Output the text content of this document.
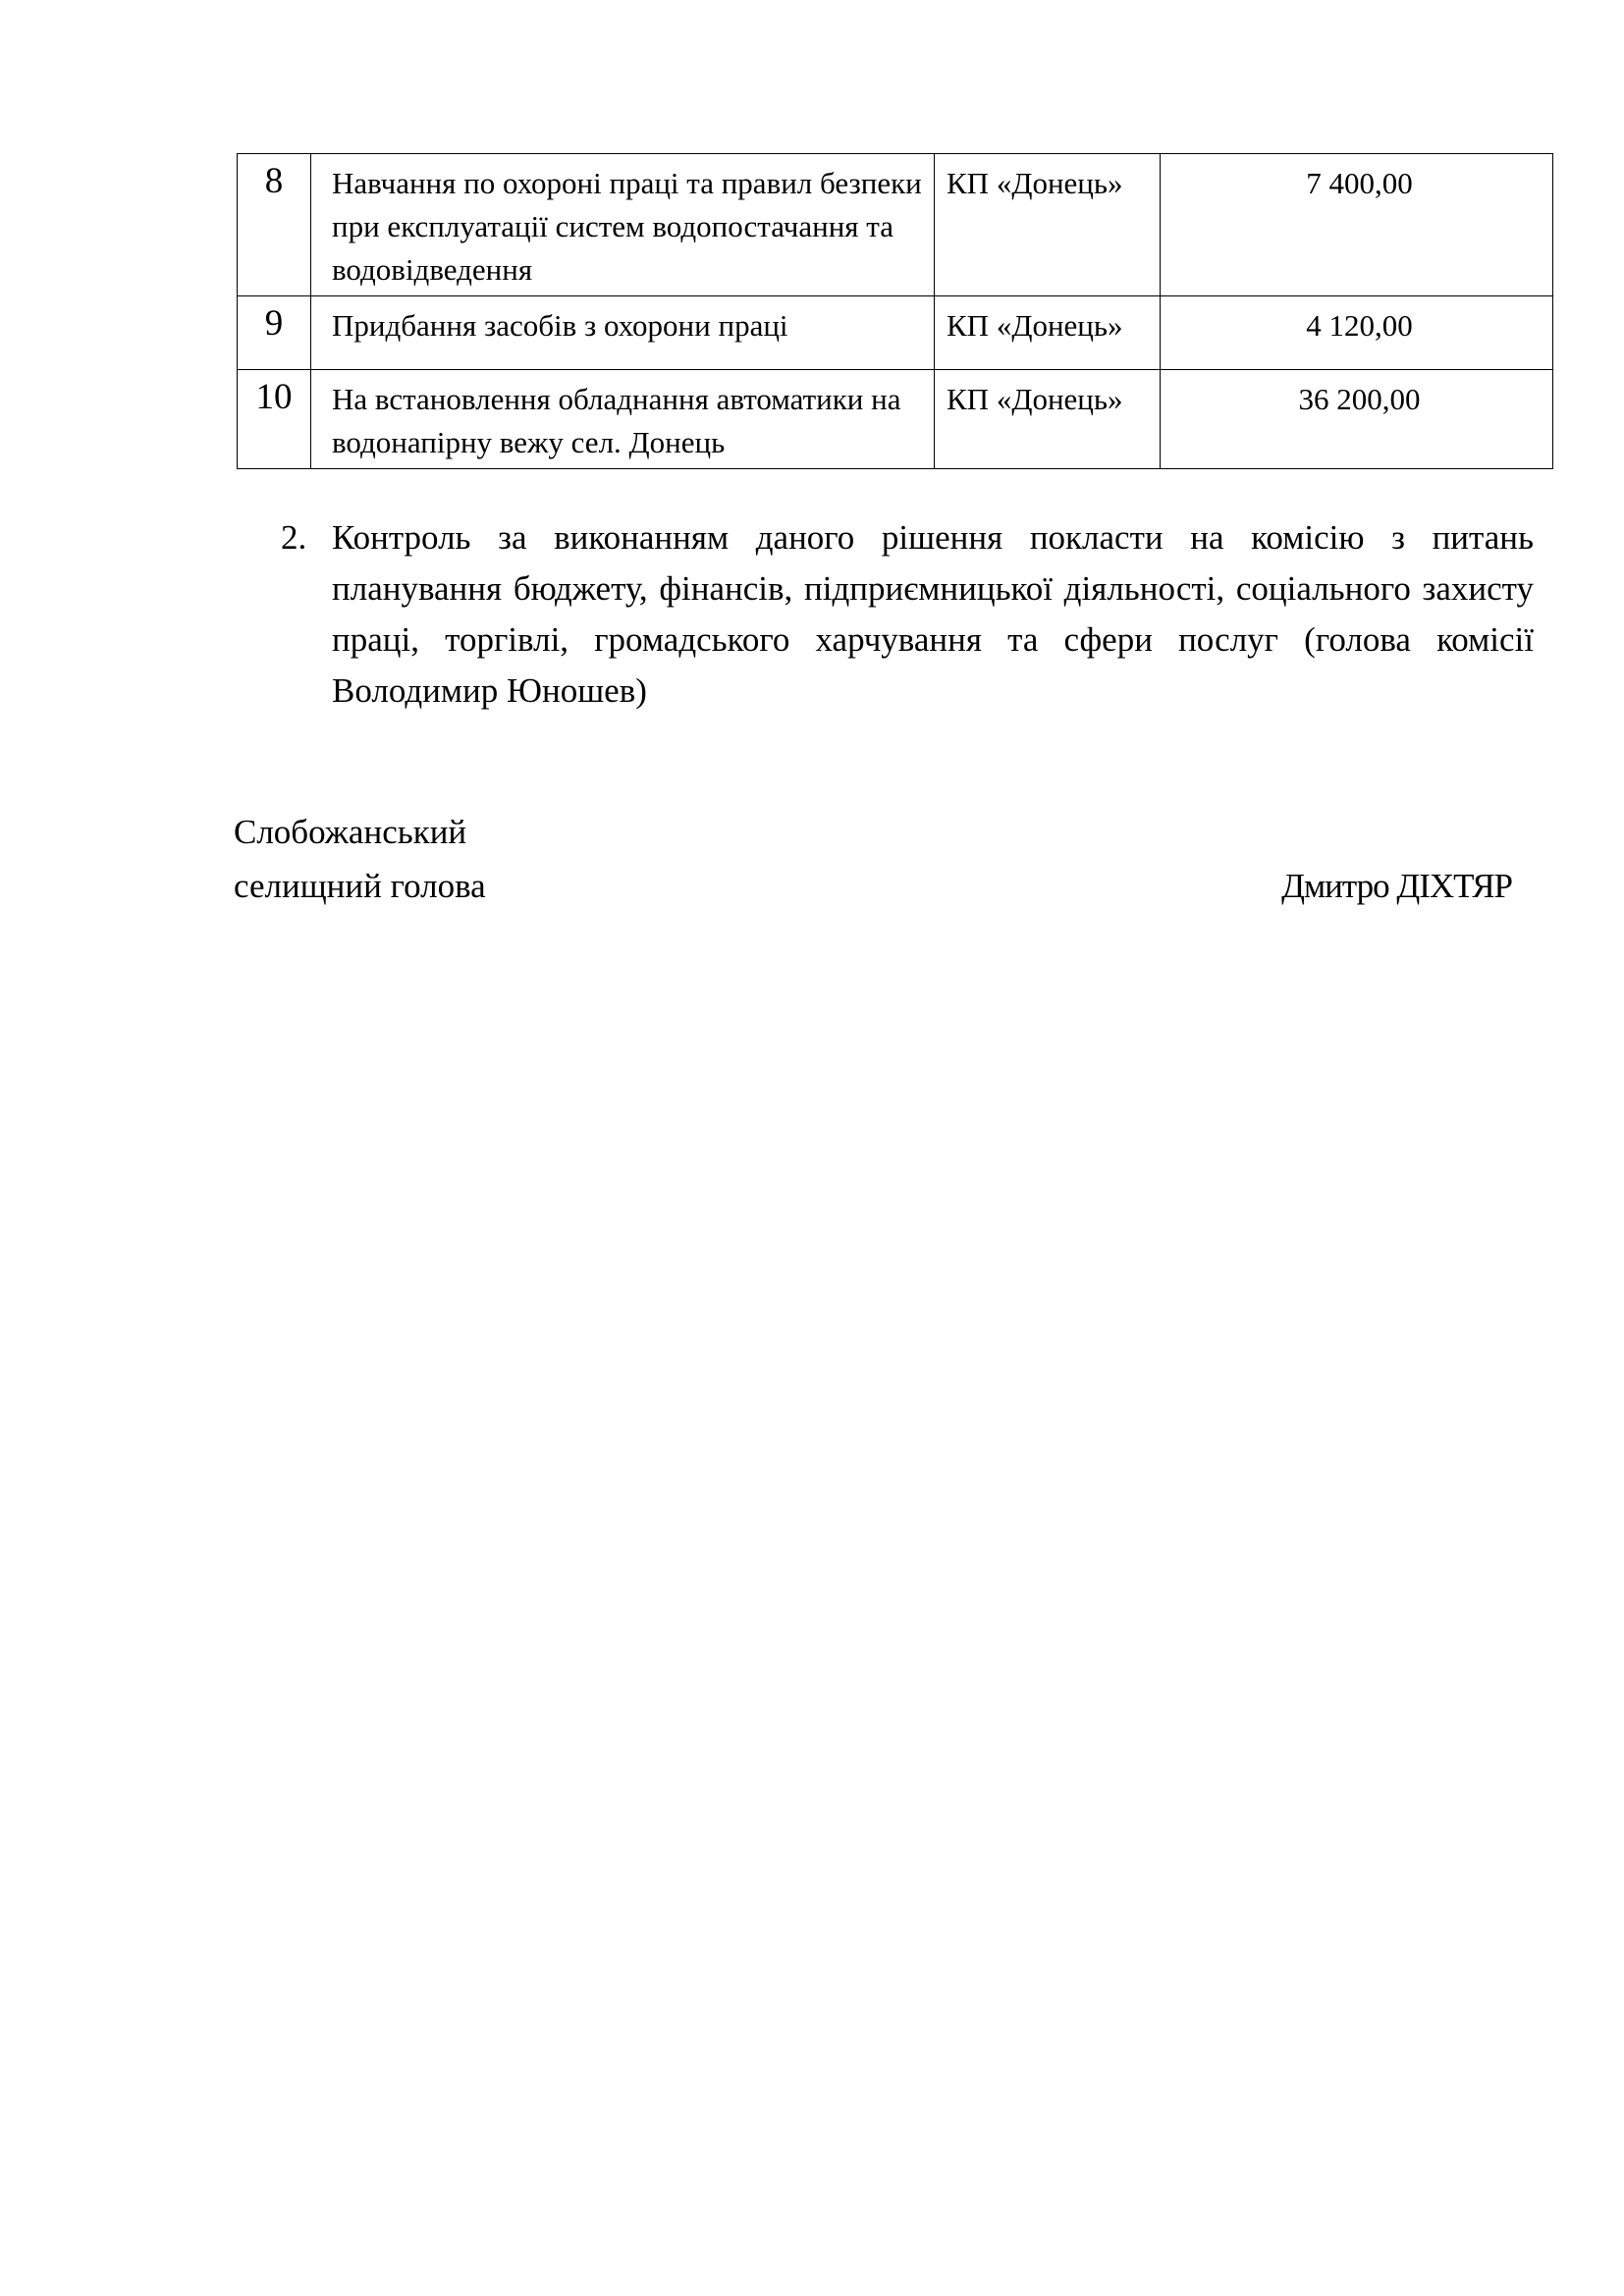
8	Навчання по охороні праці та правил безпеки при експлуатації систем водопостачання та водовідведення	КП «Донець»	7 400,00
9	Придбання засобів з охорони праці	КП «Донець»	4 120,00
10	На встановлення обладнання автоматики на водонапірну вежу сел. Донець	КП «Донець»	36 200,00
2. Контроль за виконанням даного рішення покласти на комісію з питань планування бюджету, фінансів, підприємницької діяльності, соціального захисту праці, торгівлі, громадського харчування та сфери послуг (голова комісії Володимир Юношев)
Слобожанський
селищний голова	Дмитро ДІХТЯР
